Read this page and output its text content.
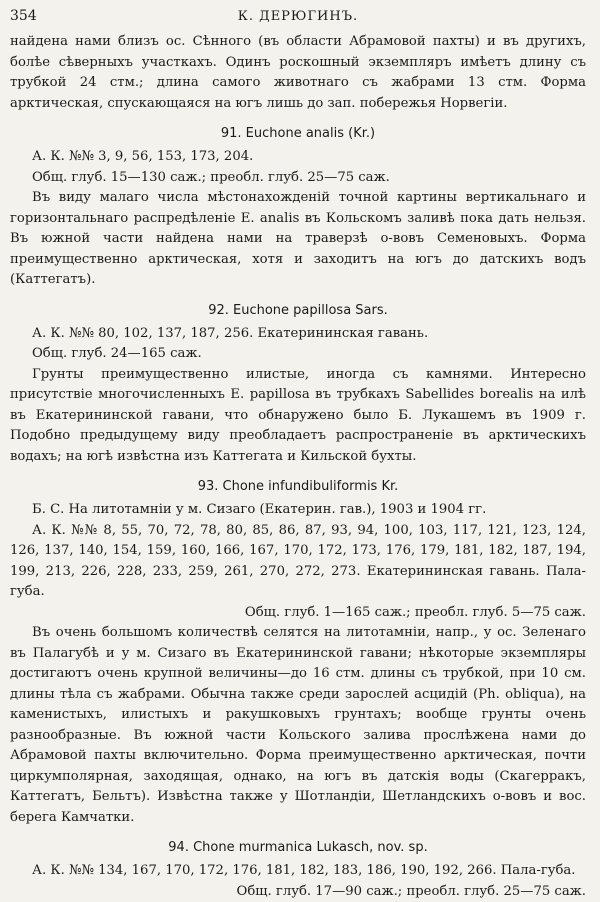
354	К. ДЕРЮГИНЪ.

найдена нами близъ ос. Сѣнного (въ области Абрамовой пахты) и въ другихъ, болѣе сѣверныхъ участкахъ. Одинъ роскошный экземпляръ имѣетъ длину съ трубкой 24 стм.; длина самого животнаго съ жабрами 13 стм. Форма арктическая, спускающаяся на югъ лишь до зап. побережья Норвегіи.

91. Euchone analis (Kr.)

А. К. №№ 3, 9, 56, 153, 173, 204.

Общ. глуб. 15—130 саж.; преобл. глуб. 25—75 саж.

Въ виду малаго числа мѣстонахожденій точной картины вертикальнаго и горизонтальнаго распредѣленіе E. analis въ Кольскомъ заливѣ пока дать нельзя. Въ южной части найдена нами на траверзѣ о-вовъ Семеновыхъ. Форма преимущественно арктическая, хотя и заходитъ на югъ до датскихъ водъ (Каттегатъ).

92. Euchone papillosa Sars.

А. К. №№ 80, 102, 137, 187, 256. Екатерининская гавань.

Общ. глуб. 24—165 саж.

Грунты преимущественно илистые, иногда съ камнями. Интересно присутствіе многочисленныхъ E. papillosa въ трубкахъ Sabellides borealis на илѣ въ Екатерининской гавани, что обнаружено было Б. Лукашемъ въ 1909 г. Подобно предыдущему виду преобладаетъ распространеніе въ арктическихъ водахъ; на югѣ извѣстна изъ Каттегата и Кильской бухты.

93. Chone infundibuliformis Kr.

Б. С. На литотамніи у м. Сизаго (Екатерин. гав.), 1903 и 1904 гг.

А. К. №№ 8, 55, 70, 72, 78, 80, 85, 86, 87, 93, 94, 100, 103, 117, 121, 123, 124, 126, 137, 140, 154, 159, 160, 166, 167, 170, 172, 173, 176, 179, 181, 182, 187, 194, 199, 213, 226, 228, 233, 259, 261, 270, 272, 273. Екатерининская гавань. Пала-губа.

Общ. глуб. 1—165 саж.; преобл. глуб. 5—75 саж.

Въ очень большомъ количествѣ селятся на литотамніи, напр., у ос. Зеленаго въ Палагубѣ и у м. Сизаго въ Екатерининской гавани; нѣкоторые экземпляры достигаютъ очень крупной величины—до 16 стм. длины съ трубкой, при 10 см. длины тѣла съ жабрами. Обычна также среди зарослей асцидій (Ph. obliqua), на каменистыхъ, илистыхъ и ракушковыхъ грунтахъ; вообще грунты очень разнообразные. Въ южной части Кольского залива прослѣжена нами до Абрамовой пахты включительно. Форма преимущественно арктическая, почти циркумполярная, заходящая, однако, на югъ въ датскія воды (Скагерракъ, Каттегатъ, Бельтъ). Извѣстна также у Шотландіи, Шетландскихъ о-вовъ и вос. берега Камчатки.

94. Chone murmanica Lukasch, nov. sp.

А. К. №№ 134, 167, 170, 172, 176, 181, 182, 183, 186, 190, 192, 266. Пала-губа.

Общ. глуб. 17—90 саж.; преобл. глуб. 25—75 саж.
